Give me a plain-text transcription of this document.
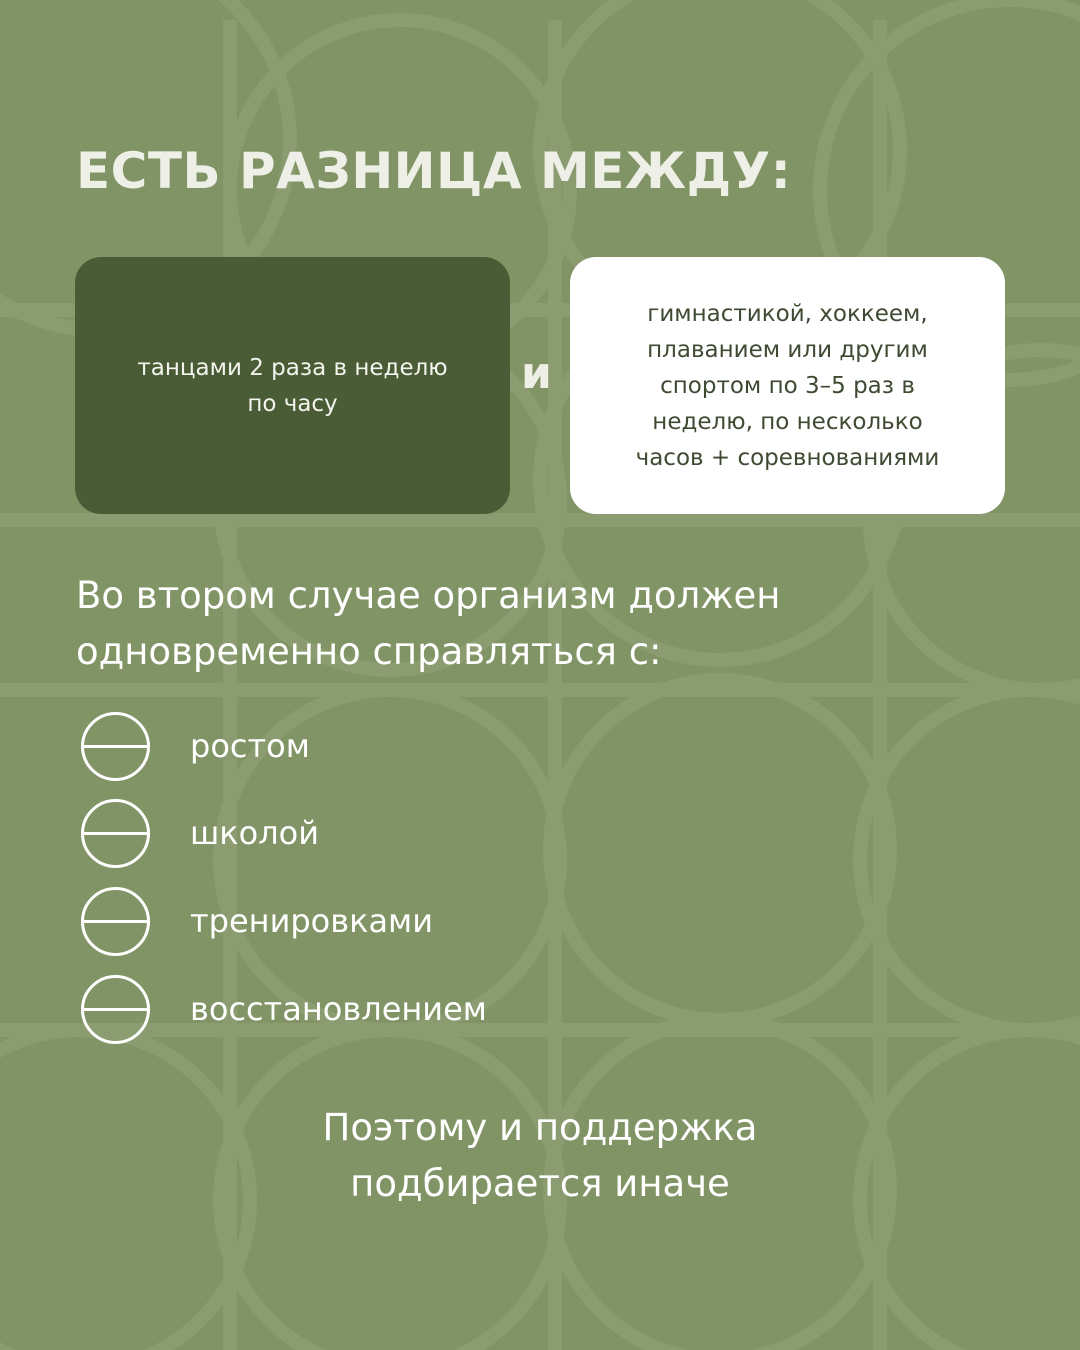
ЕСТЬ РАЗНИЦА МЕЖДУ:
танцами 2 раза в неделю
по часу
и
гимнастикой, хоккеем,
плаванием или другим
спортом по 3–5 раз в
неделю, по несколько
часов + соревнованиями
Во втором случае организм должен
одновременно справляться с:
ростом
школой
тренировками
восстановлением
Поэтому и поддержка
подбирается иначе
